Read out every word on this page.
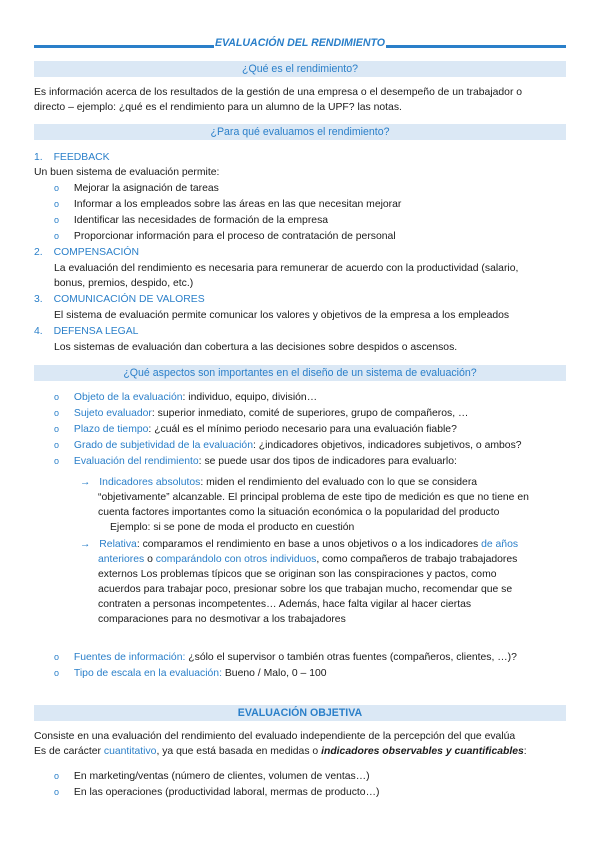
EVALUACIÓN DEL RENDIMIENTO
¿Qué es el rendimiento?
Es información acerca de los resultados de la gestión de una empresa o el desempeño de un trabajador o
directo – ejemplo: ¿qué es el rendimiento para un alumno de la UPF? las notas.
¿Para qué evaluamos el rendimiento?
1. FEEDBACK
Un buen sistema de evaluación permite:
o Mejorar la asignación de tareas
o Informar a los empleados sobre las áreas en las que necesitan mejorar
o Identificar las necesidades de formación de la empresa
o Proporcionar información para el proceso de contratación de personal
2. COMPENSACIÓN
La evaluación del rendimiento es necesaria para remunerar de acuerdo con la productividad (salario,
bonus, premios, despido, etc.)
3. COMUNICACIÓN DE VALORES
El sistema de evaluación permite comunicar los valores y objetivos de la empresa a los empleados
4. DEFENSA LEGAL
Los sistemas de evaluación dan cobertura a las decisiones sobre despidos o ascensos.
¿Qué aspectos son importantes en el diseño de un sistema de evaluación?
o Objeto de la evaluación: individuo, equipo, división…
o Sujeto evaluador: superior inmediato, comité de superiores, grupo de compañeros, …
o Plazo de tiempo: ¿cuál es el mínimo periodo necesario para una evaluación fiable?
o Grado de subjetividad de la evaluación: ¿indicadores objetivos, indicadores subjetivos, o ambos?
o Evaluación del rendimiento: se puede usar dos tipos de indicadores para evaluarlo:
→ Indicadores absolutos: miden el rendimiento del evaluado con lo que se considera
“objetivamente” alcanzable. El principal problema de este tipo de medición es que no tiene en
cuenta factores importantes como la situación económica o la popularidad del producto
Ejemplo: si se pone de moda el producto en cuestión
→ Relativa: comparamos el rendimiento en base a unos objetivos o a los indicadores de años
anteriores o comparándolo con otros individuos, como compañeros de trabajo trabajadores
externos Los problemas típicos que se originan son las conspiraciones y pactos, como
acuerdos para trabajar poco, presionar sobre los que trabajan mucho, recomendar que se
contraten a personas incompetentes… Además, hace falta vigilar al hacer ciertas
comparaciones para no desmotivar a los trabajadores
o Fuentes de información: ¿sólo el supervisor o también otras fuentes (compañeros, clientes, …)?
o Tipo de escala en la evaluación: Bueno / Malo, 0 – 100
EVALUACIÓN OBJETIVA
Consiste en una evaluación del rendimiento del evaluado independiente de la percepción del que evalúa
Es de carácter cuantitativo, ya que está basada en medidas o indicadores observables y cuantificables:
o En marketing/ventas (número de clientes, volumen de ventas…)
o En las operaciones (productividad laboral, mermas de producto…)
